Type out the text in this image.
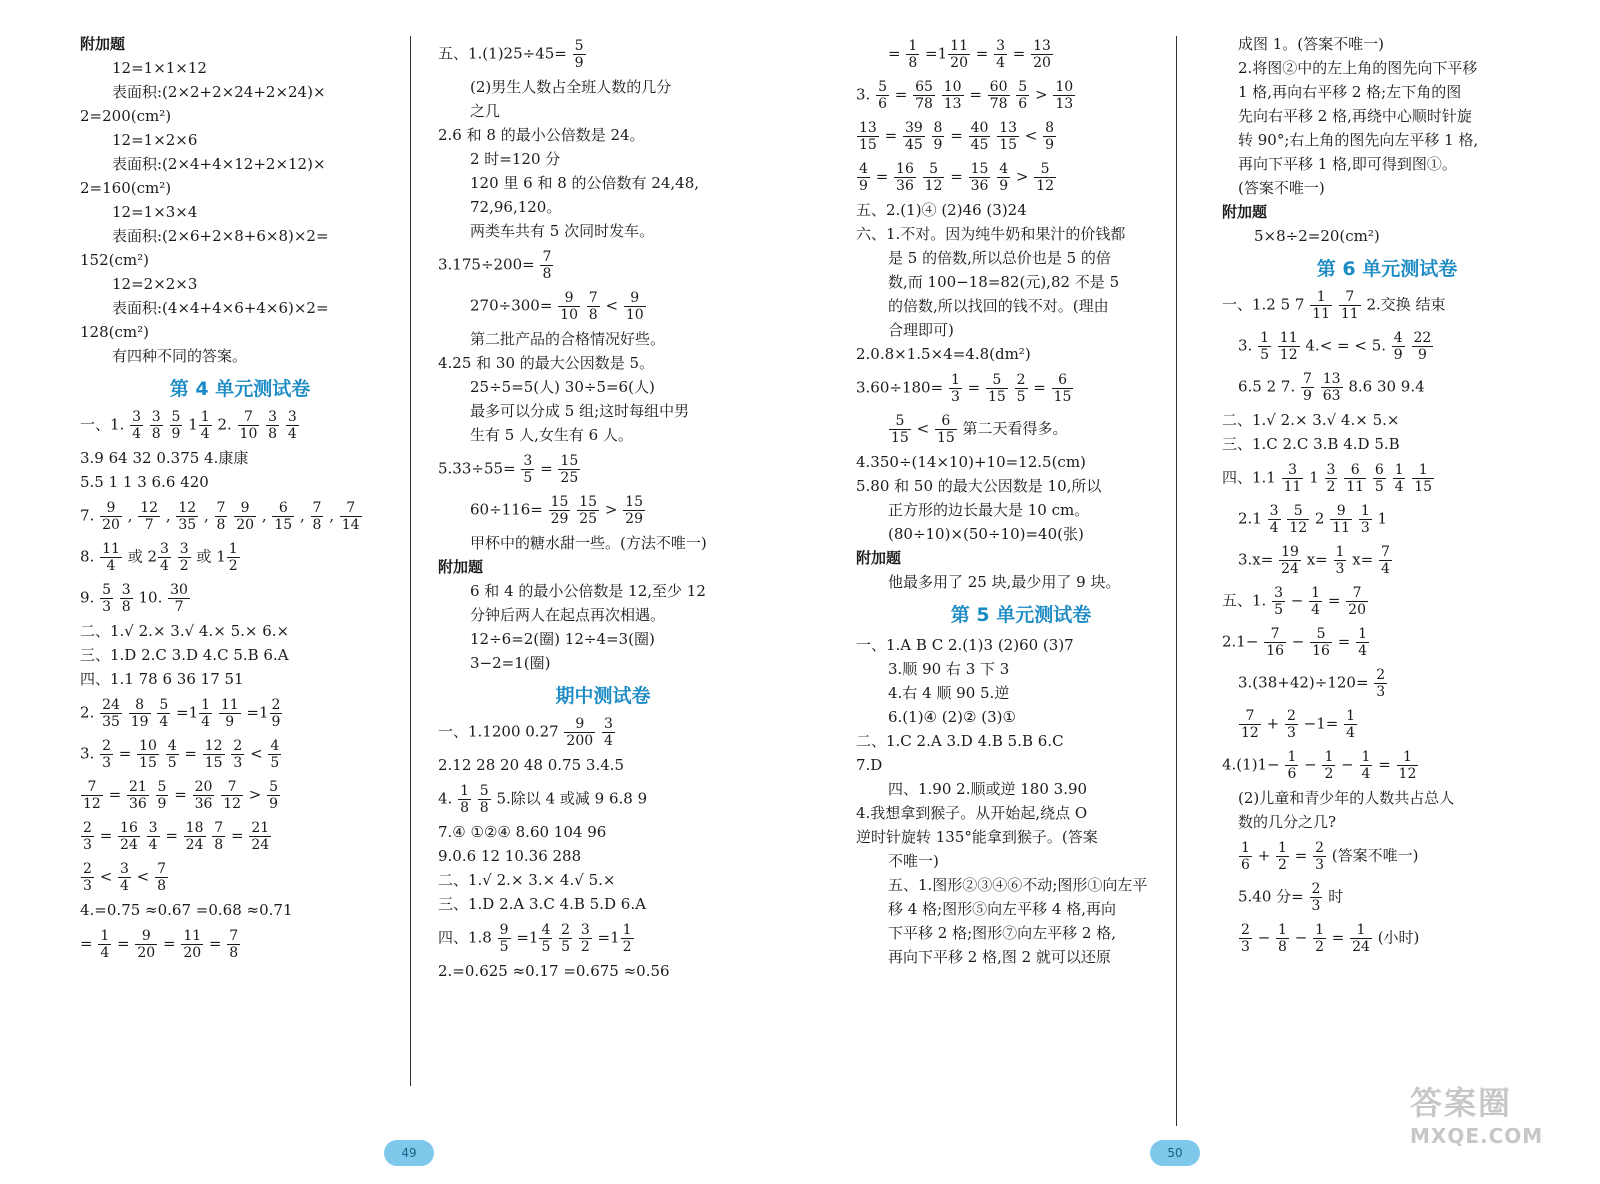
附加题
12=1×1×12
表面积:(2×2+2×24+2×24)×
2=200(cm²)
12=1×2×6
表面积:(2×4+4×12+2×12)×
2=160(cm²)
12=1×3×4
表面积:(2×6+2×8+6×8)×2=
152(cm²)
12=2×2×3
表面积:(4×4+4×6+4×6)×2=
128(cm²)
有四种不同的答案。
第 4 单元测试卷
一、1. $\frac{3}{4}$
$\frac{3}{8}$
$\frac{5}{9} 1 \frac{1}{4} 2$. $\frac{7}{10}$
$\frac{3}{8}$
$\frac{3}{4}$
3.9 64 32 0.375 4.康康
5.5 1 1 3 6.6 420
7. $\frac{9}{20}$ , $\frac{12}{7}$ , $\frac{12}{35}$ , $\frac{7}{8}$
$\frac{9}{20}$ , $\frac{6}{15}$ , $\frac{7}{8}$ , $\frac{7}{14}$
8. $\frac{11}{4}$ 或 $2 \frac{3}{4}$
$\frac{3}{2}$ 或 $1 \frac{1}{2}$
9. $\frac{5}{3}$
$\frac{3}{8} 10$. $\frac{30}{7}$
二、1.√ 2.× 3.√ 4.× 5.× 6.×
三、1.D 2.C 3.D 4.C 5.B 6.A
四、1.1 78 6 36 17 51
2. $\frac{24}{35}$
$\frac{8}{19}$
$\frac{5}{4} =1 \frac{1}{4}$
$\frac{11}{9} =1 \frac{2}{9}$
3. $\frac{2}{3} = \frac{10}{15}$
$\frac{4}{5} = \frac{12}{15}$
$\frac{2}{3} < \frac{4}{5}$
$\frac{7}{12} = \frac{21}{36}$
$\frac{5}{9} = \frac{20}{36}$
$\frac{7}{12} > \frac{5}{9}$
$\frac{2}{3} = \frac{16}{24}$
$\frac{3}{4} = \frac{18}{24}$
$\frac{7}{8} = \frac{21}{24}$
$\frac{2}{3} < \frac{3}{4} < \frac{7}{8}$
4.=0.75 ≈0.67 =0.68 ≈0.71
= $\frac{1}{4} = \frac{9}{20} = \frac{11}{20} = \frac{7}{8}$
五、$1.(1)25\div 45= \frac{5}{9}$
(2)男生人数占全班人数的几分
之几
2.6 和 8 的最小公倍数是 24。
2 时=120 分
120 里 6 和 8 的公倍数有 24,48,
72,96,120。
两类车共有 5 次同时发车。
$3.175\div 200= \frac{7}{8}$
$270\div 300= \frac{9}{10}$
$\frac{7}{8} < \frac{9}{10}$
第二批产品的合格情况好些。
4.25 和 30 的最大公因数是 5。
25÷5=5(人) 30÷5=6(人)
最多可以分成 5 组;这时每组中男
生有 5 人,女生有 6 人。
$5.33\div 55= \frac{3}{5} = \frac{15}{25}$
$60\div 116= \frac{15}{29}$
$\frac{15}{25} > \frac{15}{29}$
甲杯中的糖水甜一些。(方法不唯一)
附加题
6 和 4 的最小公倍数是 12,至少 12
分钟后两人在起点再次相遇。
12÷6=2(圈) 12÷4=3(圈)
3−2=1(圈)
期中测试卷
一、1.1200 $0.27 \frac{9}{200}$
$\frac{3}{4}$
2.12 28 20 48 0.75 3.4.5
4. $\frac{1}{8}$
$\frac{5}{8} 5$.除以 4 或减 9 6.8 9
7.④ ①②④ 8.60 104 96
9.0.6 12 10.36 288
二、1.√ 2.× 3.× 4.√ 5.×
三、1.D 2.A 3.C 4.B 5.D 6.A
四、$1.8 \frac{9}{5} =1 \frac{4}{5}$
$\frac{2}{5}$
$\frac{3}{2} =1 \frac{1}{2}$
2.=0.625 ≈0.17 =0.675 ≈0.56
= $\frac{1}{8} =1 \frac{11}{20} = \frac{3}{4} = \frac{13}{20}$
3. $\frac{5}{6} = \frac{65}{78}$
$\frac{10}{13} = \frac{60}{78}$
$\frac{5}{6} > \frac{10}{13}$
$\frac{13}{15} = \frac{39}{45}$
$\frac{8}{9} = \frac{40}{45}$
$\frac{13}{15} < \frac{8}{9}$
$\frac{4}{9} = \frac{16}{36}$
$\frac{5}{12} = \frac{15}{36}$
$\frac{4}{9} > \frac{5}{12}$
五、2.(1)④ (2)46 (3)24
六、1.不对。因为纯牛奶和果汁的价钱都
是 5 的倍数,所以总价也是 5 的倍
数,而 100−18=82(元),82 不是 5
的倍数,所以找回的钱不对。(理由
合理即可)
2.0.8×1.5×4=4.8(dm²)
$3.60\div 180= \frac{1}{3} = \frac{5}{15}$
$\frac{2}{5} = \frac{6}{15}$
$\frac{5}{15} < \frac{6}{15}$ 第二天看得多。
4.350÷(14×10)+10=12.5(cm)
5.80 和 50 的最大公因数是 10,所以
正方形的边长最大是 10 cm。
(80÷10)×(50÷10)=40(张)
附加题
他最多用了 25 块,最少用了 9 块。
第 5 单元测试卷
一、1.A B C 2.(1)3 (2)60 (3)7
3.顺 90 右 3 下 3
4.右 4 顺 90 5.逆
6.(1)④ (2)② (3)①
二、1.C 2.A 3.D 4.B 5.B 6.C
7.D
四、1.90 2.顺或逆 180 3.90
4.我想拿到猴子。从开始起,绕点 O
逆时针旋转 135°能拿到猴子。(答案
不唯一)
五、1.图形②③④⑥不动;图形①向左平
移 4 格;图形⑤向左平移 4 格,再向
下平移 2 格;图形⑦向左平移 2 格,
再向下平移 2 格,图 2 就可以还原
成图 1。(答案不唯一)
2.将图②中的左上角的图先向下平移
1 格,再向右平移 2 格;左下角的图
先向右平移 2 格,再绕中心顺时针旋
转 90°;右上角的图先向左平移 1 格,
再向下平移 1 格,即可得到图①。
(答案不唯一)
附加题
5×8÷2=20(cm²)
第 6 单元测试卷
一、1.2 5 $7 \frac{1}{11}$
$\frac{7}{11} 2$.交换 结束
3. $\frac{1}{5}$
$\frac{11}{12} 4.<$ = < 5. $\frac{4}{9}$
$\frac{22}{9}$
6.5 2 7. $\frac{7}{9}$
$\frac{13}{63} 8.6$ 30 9.4
二、1.√ 2.× 3.√ 4.× 5.×
三、1.C 2.C 3.B 4.D 5.B
四、$1.1 \frac{3}{11} 1 \frac{3}{2}$
$\frac{6}{11}$
$\frac{6}{5}$
$\frac{1}{4}$
$\frac{1}{15}$
$2.1 \frac{3}{4}$
$\frac{5}{12} 2 \frac{9}{11}$
$\frac{1}{3} 1$
$3.x= \frac{19}{24} x= \frac{1}{3} x= \frac{7}{4}$
五、1. $\frac{3}{5} - \frac{1}{4} = \frac{7}{20}$
$2.1- \frac{7}{16} - \frac{5}{16} = \frac{1}{4}$
$3.(38+42)\div 120= \frac{2}{3}$
$\frac{7}{12} + \frac{2}{3} -1= \frac{1}{4}$
$4.(1)1- \frac{1}{6} - \frac{1}{2} - \frac{1}{4} = \frac{1}{12}$
(2)儿童和青少年的人数共占总人
数的几分之几?
$\frac{1}{6} + \frac{1}{2} = \frac{2}{3}$ (答案不唯一)
5.40 分= $\frac{2}{3}$ 时
$\frac{2}{3} - \frac{1}{8} - \frac{1}{2} = \frac{1}{24}$ (小时)
49	50
答案圈
MXQE.COM
